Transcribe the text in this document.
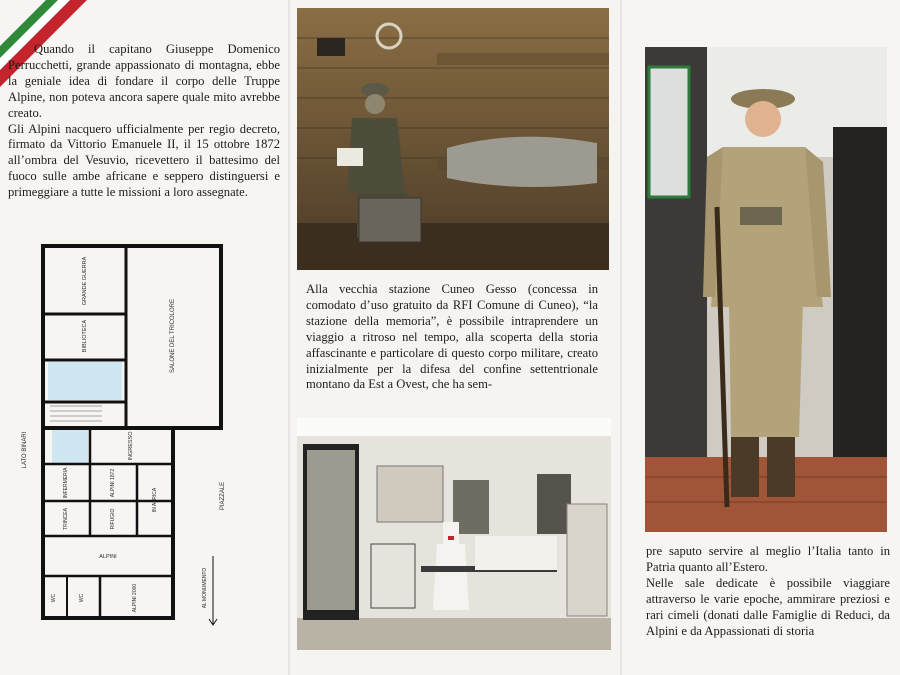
Quando il capitano Giuseppe Domenico Perrucchetti, grande appassionato di montagna, ebbe la geniale idea di fondare il corpo delle Truppe Alpine, non poteva ancora sapere quale mito avrebbe creato.

Gli Alpini nacquero ufficialmente per regio decreto, firmato da Vittorio Emanuele II, il 15 ottobre 1872 all’ombra del Vesuvio, ricevettero il battesimo del fuoco sulle ambe africane e seppero distinguersi e primeggiare a tutte le missioni a loro assegnate.

GRANDE GUERRA
BIBLIOTECA	SALONE DEL TRICOLORE
INGRESSO
INFERMERIA	ALPINI 1872
TRINCEA	RIFUGIO
IN AFRICA
ALPINI
WC	WC	ALPINI 2000
LATO BINARI
PIAZZALE
AL MONUMENTO
Alla vecchia stazione Cuneo Gesso (concessa in comodato d’uso gratuito da RFI Comune di Cuneo), “la stazione della memoria”, è possibile intraprendere un viaggio a ritroso nel tempo, alla scoperta della storia affascinante e particolare di questo corpo militare, creato inizialmente per la difesa del confine settentrionale montano da Est a Ovest, che ha sem-

pre saputo servire al meglio l’Italia tanto in Patria quanto all’Estero.

Nelle sale dedicate è possibile viaggiare attraverso le varie epoche, ammirare preziosi e rari cimeli (donati dalle Famiglie di Reduci, da Alpini e da Appassionati di storia
